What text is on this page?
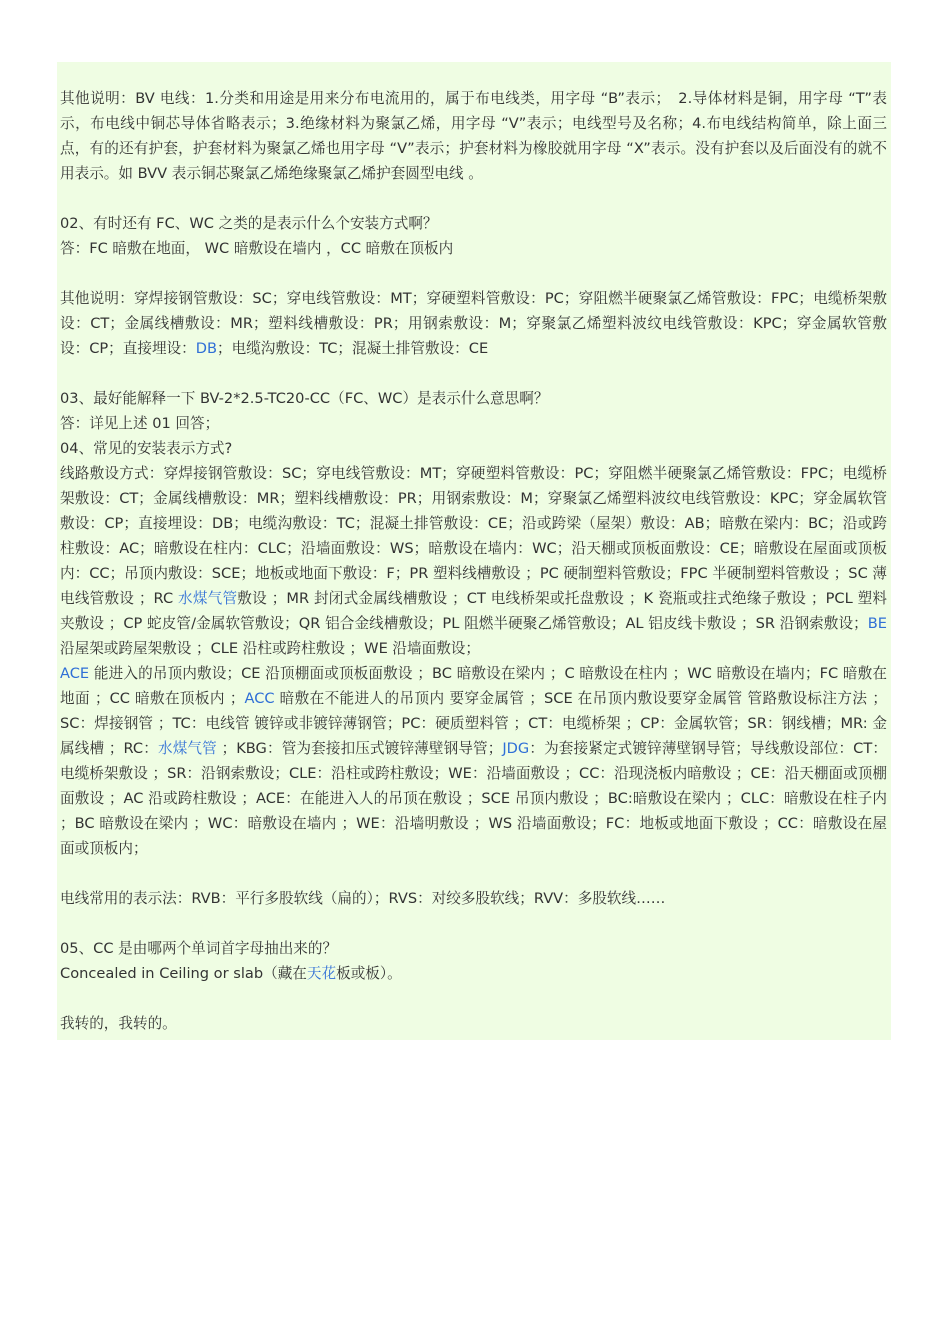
其他说明：BV 电线：1.分类和用途是用来分布电流用的，属于布电线类，用字母 “B”表示；　2.导体材料是铜，用字母 “T”表示，布电线中铜芯导体省略表示；3.绝缘材料为聚氯乙烯，用字母 “V”表示；电线型号及名称；4.布电线结构简单，除上面三点，有的还有护套，护套材料为聚氯乙烯也用字母 “V”表示；护套材料为橡胶就用字母 “X”表示。没有护套以及后面没有的就不用表示。如 BVV 表示铜芯聚氯乙烯绝缘聚氯乙烯护套圆型电线 。

02、有时还有 FC、WC 之类的是表示什么个安装方式啊？

答：FC 暗敷在地面， WC 暗敷设在墙内 ，CC 暗敷在顶板内

其他说明：穿焊接钢管敷设：SC；穿电线管敷设：MT；穿硬塑料管敷设：PC；穿阻燃半硬聚氯乙烯管敷设：FPC；电缆桥架敷设：CT；金属线槽敷设：MR；塑料线槽敷设：PR；用钢索敷设：M；穿聚氯乙烯塑料波纹电线管敷设：KPC；穿金属软管敷设：CP；直接埋设：DB；电缆沟敷设：TC；混凝土排管敷设：CE

03、最好能解释一下 BV-2*2.5-TC20-CC（FC、WC）是表示什么意思啊？

答：详见上述 01 回答；

04、常见的安装表示方式?

线路敷设方式：穿焊接钢管敷设：SC；穿电线管敷设：MT；穿硬塑料管敷设：PC；穿阻燃半硬聚氯乙烯管敷设：FPC；电缆桥架敷设：CT；金属线槽敷设：MR；塑料线槽敷设：PR；用钢索敷设：M；穿聚氯乙烯塑料波纹电线管敷设：KPC；穿金属软管敷设：CP；直接埋设：DB；电缆沟敷设：TC；混凝土排管敷设：CE；沿或跨梁（屋架）敷设：AB；暗敷在梁内：BC；沿或跨柱敷设：AC；暗敷设在柱内：CLC；沿墙面敷设：WS；暗敷设在墙内：WC；沿天棚或顶板面敷设：CE；暗敷设在屋面或顶板内：CC；吊顶内敷设：SCE；地板或地面下敷设：F；PR 塑料线槽敷设 ；PC 硬制塑料管敷设；FPC 半硬制塑料管敷设 ；SC 薄电线管敷设 ；RC 水煤气管敷设 ；MR 封闭式金属线槽敷设 ；CT 电线桥架或托盘敷设 ；K 瓷瓶或拄式绝缘子敷设 ；PCL 塑料夹敷设 ；CP 蛇皮管/金属软管敷设；QR 铝合金线槽敷设；PL 阻燃半硬聚乙烯管敷设；AL 铝皮线卡敷设 ；SR 沿钢索敷设；BE 沿屋架或跨屋架敷设 ；CLE 沿柱或跨柱敷设 ；WE 沿墙面敷设；

ACE 能进入的吊顶内敷设；CE 沿顶棚面或顶板面敷设 ；BC 暗敷设在梁内 ；C 暗敷设在柱内 ；WC 暗敷设在墙内；FC 暗敷在地面 ；CC 暗敷在顶板内 ；ACC 暗敷在不能进人的吊顶内 要穿金属管 ；SCE 在吊顶内敷设要穿金属管 管路敷设标注方法 ；SC：焊接钢管 ；TC：电线管 镀锌或非镀锌薄钢管；PC：硬质塑料管 ；CT：电缆桥架 ；CP：金属软管；SR：钢线槽；MR: 金属线槽 ；RC：水煤气管 ；KBG：管为套接扣压式镀锌薄壁钢导管；JDG：为套接紧定式镀锌薄壁钢导管；导线敷设部位：CT：电缆桥架敷设 ；SR：沿钢索敷设；CLE：沿柱或跨柱敷设；WE：沿墙面敷设 ；CC：沿现浇板内暗敷设 ；CE：沿天棚面或顶棚面敷设 ；AC 沿或跨柱敷设 ；ACE：在能进入人的吊顶在敷设 ；SCE 吊顶内敷设 ；BC:暗敷设在梁内 ；CLC：暗敷设在柱子内 ；BC 暗敷设在梁内 ；WC：暗敷设在墙内 ；WE：沿墙明敷设 ；WS 沿墙面敷设；FC：地板或地面下敷设 ；CC：暗敷设在屋面或顶板内；

电线常用的表示法：RVB：平行多股软线（扁的）；RVS：对绞多股软线；RVV：多股软线……

05、CC 是由哪两个单词首字母抽出来的？

Concealed in Ceiling or slab（藏在天花板或板）。

我转的，我转的。
